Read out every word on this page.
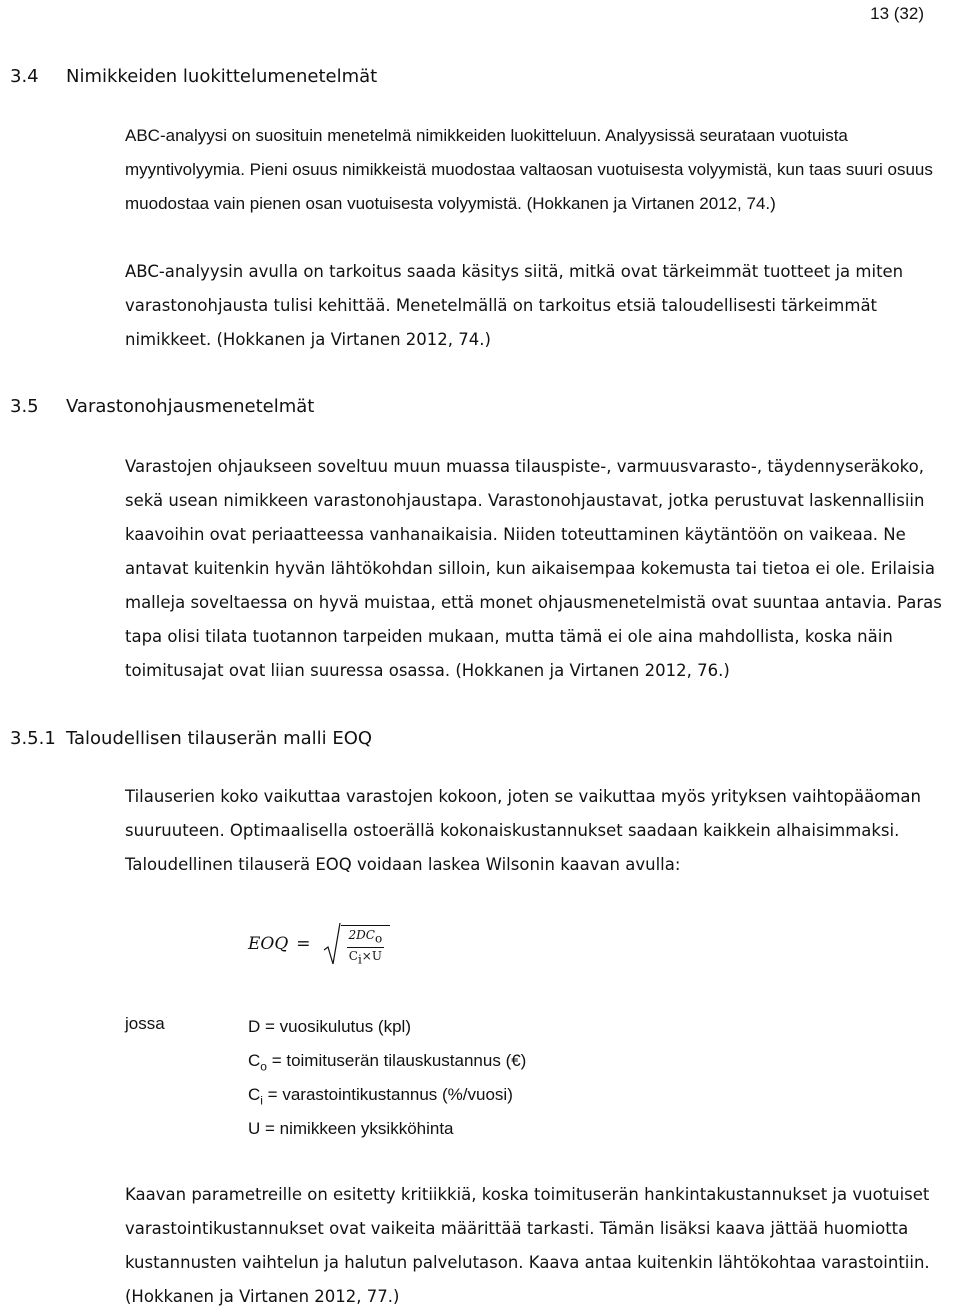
13 (32)
3.4 Nimikkeiden luokittelumenetelmät

ABC-analyysi on suosituin menetelmä nimikkeiden luokitteluun. Analyysissä seurataan vuotuista myyntivolyymia. Pieni osuus nimikkeistä muodostaa valtaosan vuotuisesta volyymistä, kun taas suuri osuus muodostaa vain pienen osan vuotuisesta volyymistä. (Hokkanen ja Virtanen 2012, 74.)

ABC-analyysin avulla on tarkoitus saada käsitys siitä, mitkä ovat tärkeimmät tuotteet ja miten varastonohjausta tulisi kehittää. Menetelmällä on tarkoitus etsiä taloudellisesti tärkeimmät nimikkeet. (Hokkanen ja Virtanen 2012, 74.)

3.5 Varastonohjausmenetelmät

Varastojen ohjaukseen soveltuu muun muassa tilauspiste-, varmuusvarasto-, täydennyseräkoko, sekä usean nimikkeen varastonohjaustapa. Varastonohjaustavat, jotka perustuvat laskennallisiin kaavoihin ovat periaatteessa vanhanaikaisia. Niiden toteuttaminen käytäntöön on vaikeaa. Ne antavat kuitenkin hyvän lähtökohdan silloin, kun aikaisempaa kokemusta tai tietoa ei ole. Erilaisia malleja soveltaessa on hyvä muistaa, että monet ohjausmenetelmistä ovat suuntaa antavia. Paras tapa olisi tilata tuotannon tarpeiden mukaan, mutta tämä ei ole aina mahdollista, koska näin toimitusajat ovat liian suuressa osassa. (Hokkanen ja Virtanen 2012, 76.)

3.5.1 Taloudellisen tilauserän malli EOQ

Tilauserien koko vaikuttaa varastojen kokoon, joten se vaikuttaa myös yrityksen vaihtopääoman suuruuteen. Optimaalisella ostoerällä kokonaiskustannukset saadaan kaikkein alhaisimmaksi. Taloudellinen tilauserä EOQ voidaan laskea Wilsonin kaavan avulla:

EOQ =	$\frac{2DC_o}{C_i\times U}$
jossa	D = vuosikulutus (kpl)
$C_o$ = toimituserän tilauskustannus (€)
$C_i$ = varastointikustannus (%/vuosi)
U = nimikkeen yksikköhinta

Kaavan parametreille on esitetty kritiikkiä, koska toimituserän hankintakustannukset ja vuotuiset varastointikustannukset ovat vaikeita määrittää tarkasti. Tämän lisäksi kaava jättää huomiotta kustannusten vaihtelun ja halutun palvelutason. Kaava antaa kuitenkin lähtökohtaa varastointiin. (Hokkanen ja Virtanen 2012, 77.)
